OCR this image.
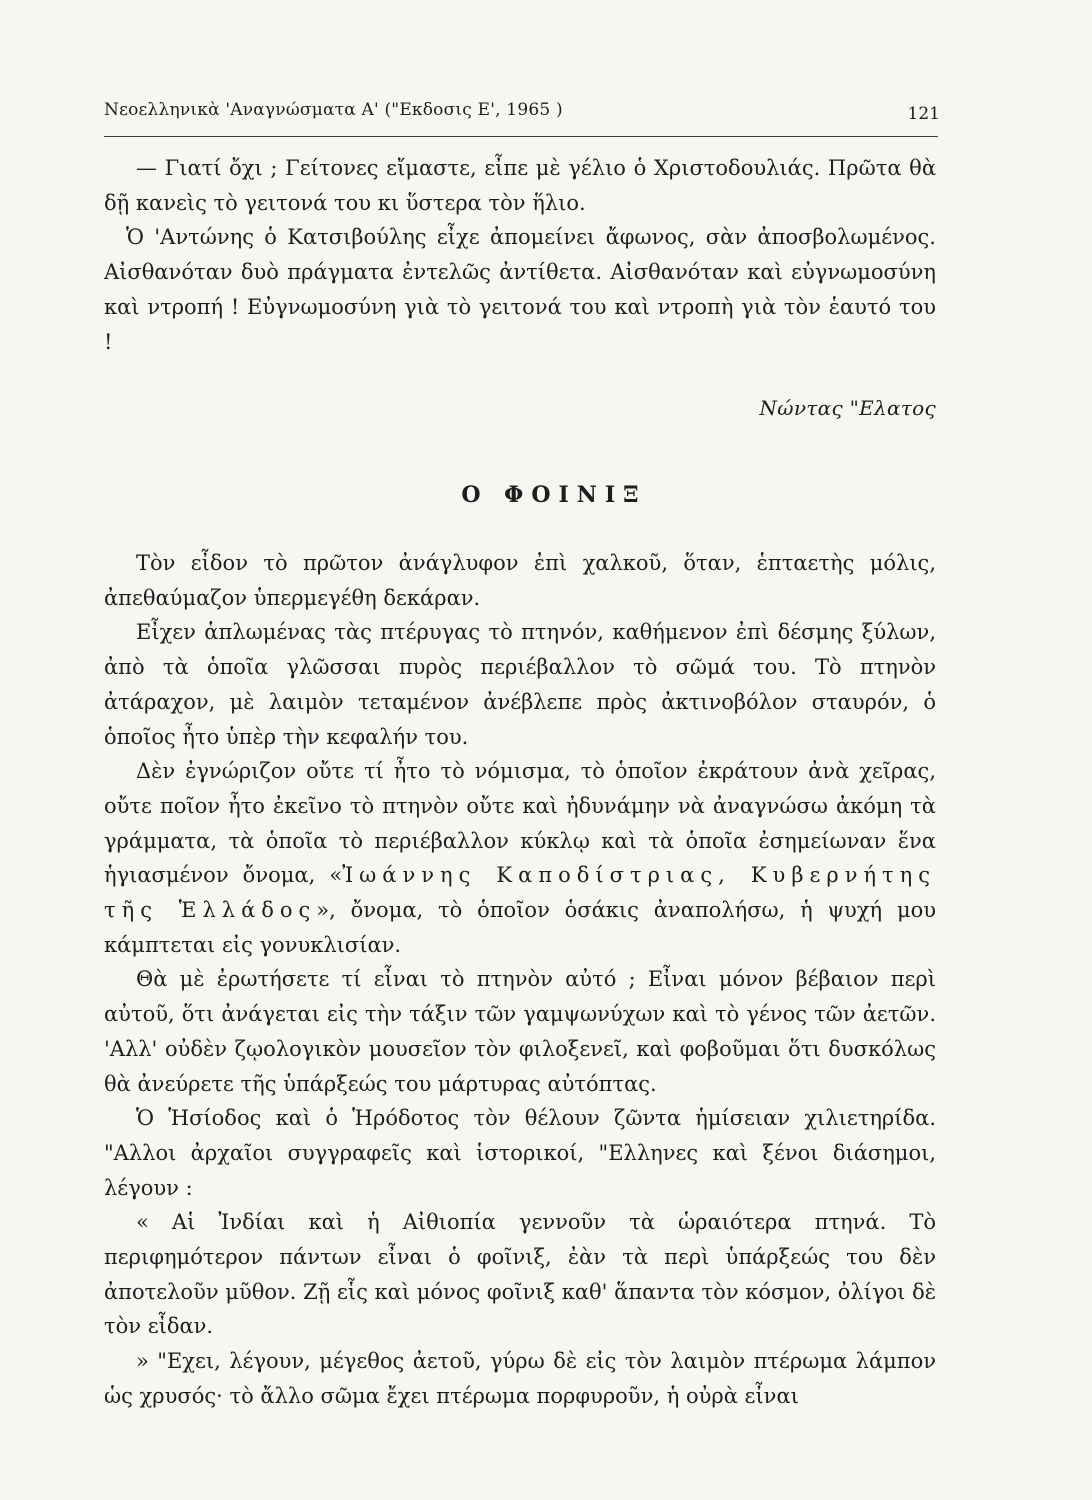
Νεοελληνικὰ 'Αναγνώσματα Α' ("Εκδοσις Ε', 1965 )	121

— Γιατί ὄχι ; Γείτονες εἴμαστε, εἶπε μὲ γέλιο ὁ Χριστοδουλιάς. Πρῶτα θὰ δῇ κανεὶς τὸ γειτονά του κι ὕστερα τὸν ἥλιο.

Ὁ 'Αντώνης ὁ Κατσιβούλης εἶχε ἀπομείνει ἄφωνος, σὰν ἀποσβολωμένος. Αἰσθανόταν δυὸ πράγματα ἐντελῶς ἀντίθετα. Αἰσθανόταν καὶ εὐγνωμοσύνη καὶ ντροπή ! Εὐγνωμοσύνη γιὰ τὸ γειτονά του καὶ ντροπὴ γιὰ τὸν ἑαυτό του !

Νώντας "Ελατος
Ο ΦΟΙΝΙΞ

Τὸν εἶδον τὸ πρῶτον ἀνάγλυφον ἐπὶ χαλκοῦ, ὅταν, ἑπταετὴς μόλις, ἀπεθαύμαζον ὑπερμεγέθη δεκάραν.

Εἶχεν ἁπλωμένας τὰς πτέρυγας τὸ πτηνόν, καθήμενον ἐπὶ δέσμης ξύλων, ἀπὸ τὰ ὁποῖα γλῶσσαι πυρὸς περιέβαλλον τὸ σῶμά του. Τὸ πτηνὸν ἀτάραχον, μὲ λαιμὸν τεταμένον ἀνέβλεπε πρὸς ἀκτινοβόλον σταυρόν, ὁ ὁποῖος ἦτο ὑπὲρ τὴν κεφαλήν του.

Δὲν ἐγνώριζον οὔτε τί ἦτο τὸ νόμισμα, τὸ ὁποῖον ἐκράτουν ἀνὰ χεῖρας, οὔτε ποῖον ἦτο ἐκεῖνο τὸ πτηνὸν οὔτε καὶ ἠδυνάμην νὰ ἀναγνώσω ἀκόμη τὰ γράμματα, τὰ ὁποῖα τὸ περιέβαλλον κύκλῳ καὶ τὰ ὁποῖα ἐσημείωναν ἕνα ἡγιασμένον ὄνομα, «Ἰωάννης Καποδίστριας, Κυβερνήτης τῆς Ἑλλάδος», ὄνομα, τὸ ὁποῖον ὁσάκις ἀναπολήσω, ἡ ψυχή μου κάμπτεται εἰς γονυκλισίαν.

Θὰ μὲ ἐρωτήσετε τί εἶναι τὸ πτηνὸν αὐτό ; Εἶναι μόνον βέβαιον περὶ αὐτοῦ, ὅτι ἀνάγεται εἰς τὴν τάξιν τῶν γαμψωνύχων καὶ τὸ γένος τῶν ἀετῶν. 'Αλλ' οὐδὲν ζῳολογικὸν μουσεῖον τὸν φιλοξενεῖ, καὶ φοβοῦμαι ὅτι δυσκόλως θὰ ἀνεύρετε τῆς ὑπάρξεώς του μάρτυρας αὐτόπτας.

Ὁ Ἡσίοδος καὶ ὁ Ἡρόδοτος τὸν θέλουν ζῶντα ἡμίσειαν χιλιετηρίδα. "Αλλοι ἀρχαῖοι συγγραφεῖς καὶ ἱστορικοί, "Ελληνες καὶ ξένοι διάσημοι, λέγουν :

« Αἱ Ἰνδίαι καὶ ἡ Αἰθιοπία γεννοῦν τὰ ὡραιότερα πτηνά. Τὸ περιφημότερον πάντων εἶναι ὁ φοῖνιξ, ἐὰν τὰ περὶ ὑπάρξεώς του δὲν ἀποτελοῦν μῦθον. Ζῇ εἷς καὶ μόνος φοῖνιξ καθ' ἅπαντα τὸν κόσμον, ὀλίγοι δὲ τὸν εἶδαν.

» "Εχει, λέγουν, μέγεθος ἀετοῦ, γύρω δὲ εἰς τὸν λαιμὸν πτέρωμα λάμπον ὡς χρυσός· τὸ ἄλλο σῶμα ἔχει πτέρωμα πορφυροῦν, ἡ οὐρὰ εἶναι
